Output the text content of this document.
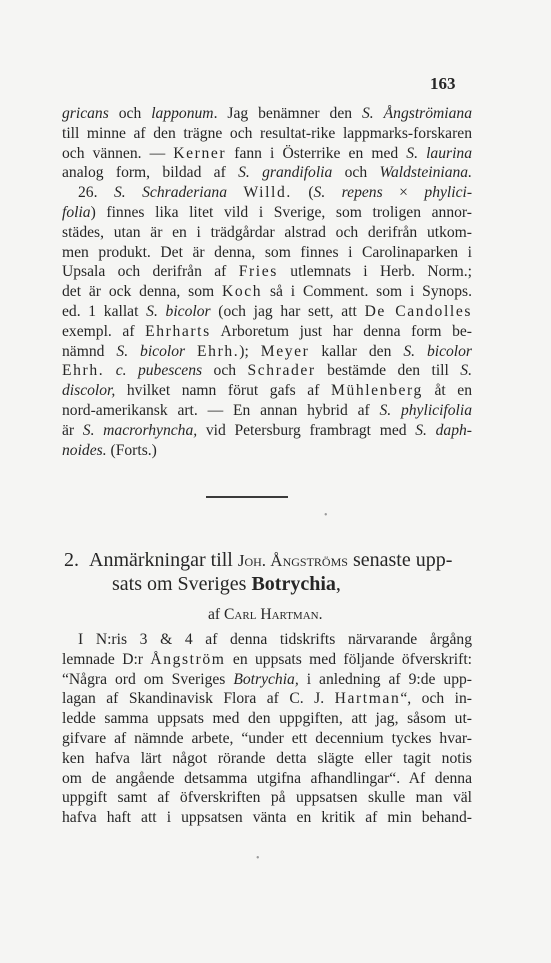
163
gricans och lapponum. Jag benämner den S. Ångströmiana
till minne af den trägne och resultat-rike lappmarks-forskaren
och vännen. — Kerner fann i Österrike en med S. laurina
analog form, bildad af S. grandifolia och Waldsteiniana.
26. S. Schraderiana Willd. (S. repens × phylici-
folia) finnes lika litet vild i Sverige, som troligen annor-
städes, utan är en i trädgårdar alstrad och derifrån utkom-
men produkt. Det är denna, som finnes i Carolinaparken i
Upsala och derifrån af Fries utlemnats i Herb. Norm.;
det är ock denna, som Koch så i Comment. som i Synops.
ed. 1 kallat S. bicolor (och jag har sett, att De Candolles
exempl. af Ehrharts Arboretum just har denna form be-
nämnd S. bicolor Ehrh.); Meyer kallar den S. bicolor
Ehrh. c. pubescens och Schrader bestämde den till S.
discolor, hvilket namn förut gafs af Mühlenberg åt en
nord-amerikansk art. — En annan hybrid af S. phylicifolia
är S. macrorhyncha, vid Petersburg frambragt med S. daph-
noides. (Forts.)
•
2. Anmärkningar till Joh. Ångströms senaste upp-
sats om Sveriges Botrychia,
af Carl Hartman.
I N:ris 3 & 4 af denna tidskrifts närvarande årgång
lemnade D:r Ångström en uppsats med följande öfverskrift:
“Några ord om Sveriges Botrychia, i anledning af 9:de upp-
lagan af Skandinavisk Flora af C. J. Hartman“, och in-
ledde samma uppsats med den uppgiften, att jag, såsom ut-
gifvare af nämnde arbete, “under ett decennium tyckes hvar-
ken hafva lärt något rörande detta slägte eller tagit notis
om de angående detsamma utgifna afhandlingar“. Af denna
uppgift samt af öfverskriften på uppsatsen skulle man väl
hafva haft att i uppsatsen vänta en kritik af min behand-
•
